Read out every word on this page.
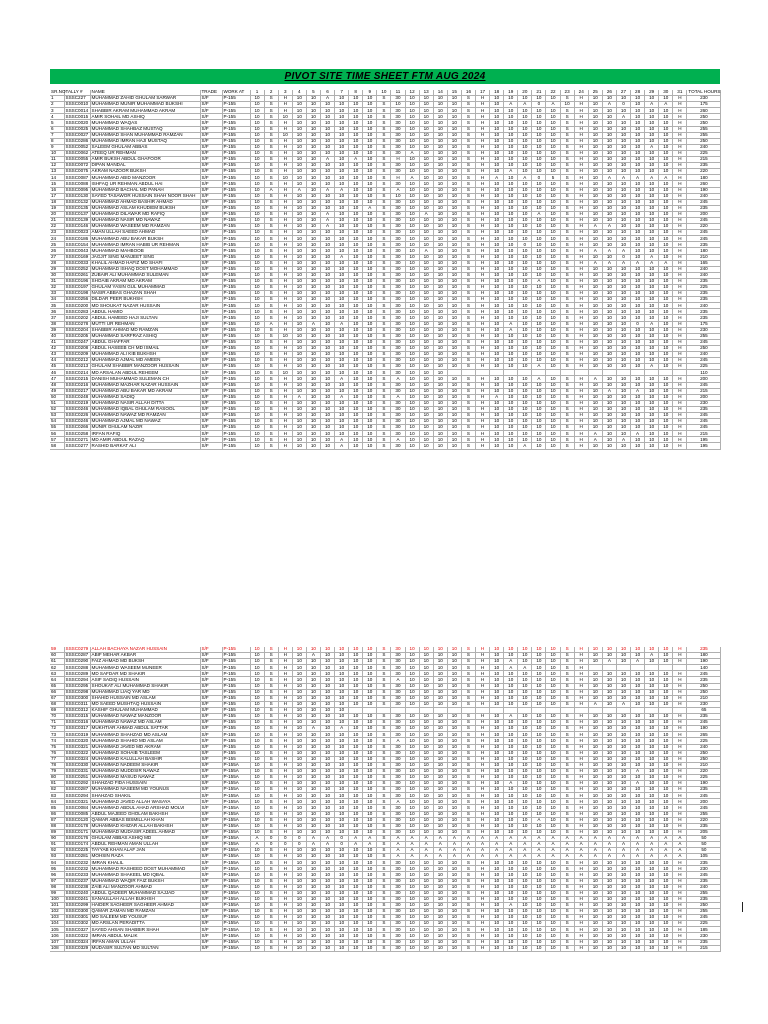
PIVOT SITE TIME SHEET FTM AUG 2024
SR.NO	TALLY #	NAME	TRADE	WORK AT	1	2	3	4	5	6	7	8	9	10	11	12	13	14	15	16	17	18	19	20	21	22	23	24	25	26	27	28	29	30	31	TOTAL HOURS
1	SSSC227	MUHAMMAD ZAHID GHULAM SARWAR	S/F	P-155	10	S	H	10	10	A	10	10	10	S	30	10	10	10	10	S	H	10	10	10	10	10	S	H	10	10	10	10	10	10	H	230
2	SSSC0010	MUHAMMAD MUNIR MUHAMMAD BUKSHI	S/F	P-155	10	S	H	10	10	10	10	10	10	S	10	10	10	10	10	S	H	10	A	A	0	A	10	H	10	A	0	10	A	A	H	175
3	SSSC0014	SHABBIR AKRAM MUHAMMAD AKRAM	S/F	P-155	10	S	H	10	10	10	10	10	10	S	30	10	10	10	10	S	H	10	10	10	10	10	S	H	10	10	10	10	10	10	H	260
4	SSSC0015	AMIR SOHAIL MD ASHIQ	S/F	P-155	10	S	10	10	10	10	10	10	10	S	30	10	10	10	10	S	H	10	10	10	10	10	S	H	10	10	A	10	10	10	H	250
5	SSSC0020	MUHAMMAD WAQAS	S/F	P-155	10	S	H	10	10	10	10	10	10	S	30	10	10	10	10	S	H	10	10	10	10	10	S	H	10	10	10	10	10	10	H	250
6	SSSC0025	MUHAMMAD SHAHBAZ MUSTAQ	S/F	P-155	10	S	H	10	10	10	10	10	10	S	30	10	10	10	10	S	H	10	10	10	10	10	S	H	10	10	10	10	10	10	H	255
7	SSSC0027	MUHAMMAD SHAN MUHAMMAD RAMZAN	S/F	P-155	10	S	10	10	10	10	10	10	10	S	30	10	10	10	10	S	H	10	10	10	10	10	S	H	10	10	10	10	10	10	H	255
8	SSSC0286	MUHAMMAD IMRAN HAJI MUSTAQ	S/F	P-155	10	S	H	10	10	10	10	10	10	S	30	10	10	10	10	S	H	10	10	10	10	10	S	H	10	10	10	10	10	10	H	250
9	SSSC0052	SALEEM GHULAM ABBAS	S/F	P-155	10	S	H	10	10	10	10	10	10	S	30	10	10	10	10	S	H	10	10	10	10	10	S	H	10	10	10	10	A	10	H	240
10	SSSC0062	ATEEQ UR REHMAN	S/F	P-155	10	S	H	10	10	10	10	10	10	S	30	A	10	10	10	S	H	10	10	10	10	10	S	H	10	10	10	10	10	10	H	225
11	SSSC0055	AMIR BUKSH ABDUL GHAFOOR	S/F	P-155	10	S	H	10	10	A	10	A	10	S	H	10	10	10	10	S	H	10	10	10	10	10	S	H	10	10	10	10	10	10	H	215
12	SSSC0072	DIPAN MANDAL	S/F	P-155	10	S	H	10	10	10	10	10	10	S	30	10	10	10	10	S	H	10	10	10	10	10	S	H	10	10	10	10	10	10	H	235
13	SSSC0075	AKRAM NAZOOR BUKSH	S/F	P-155	10	S	H	10	10	10	10	10	10	S	30	10	10	10	10	S	H	10	A	10	10	10	S	H	10	10	10	10	10	10	H	220
14	SSSC0087	MUHAMMAD ABID MANZOOR	S/F	P-155	10	S	10	10	10	10	10	10	10	S	H	A	10	10	10	S	H	A	10	A	0	5	S	H	10	A	A	A	A	A	H	180
15	SSSC0088	ISHFAQ UR REHMAN ABDUL HAI	S/F	P-155	10	S	H	10	10	10	10	10	10	S	30	10	10	10	10	S	H	10	10	10	10	10	S	H	10	10	10	10	10	10	H	260
16	SSSC0095	MUHAMMAD BACHAL MD PANAH	S/F	P-155	10	A	H	A	10	A	A	10	10	S	A	10	10	10	10	S	H	10	10	10	10	10	S	H	10	10	10	10	10	10	H	190
17	SSSC0130	SAYED TASAWOR HUSSAIN SHAH NOOR SHAH	S/F	P-155	10	S	H	10	10	10	10	10	10	S	10	10	10	10	10	S	H	10	10	10	10	10	S	H	10	10	10	10	10	10	H	240
18	SSSC0132	MUHAMMAD AHMAD BASHIR AHMAD	S/F	P-155	10	S	H	10	10	10	10	10	10	S	30	10	10	10	10	S	H	10	10	10	10	10	S	H	10	10	10	10	10	10	H	245
19	SSSC0135	MUHAMMAD ASLAM KHUDIEM BUKSH	S/F	P-155	10	S	H	10	10	10	10	10	A	S	30	10	10	10	10	S	H	10	10	10	10	10	S	H	10	10	10	10	10	10	H	235
20	SSSC0137	MUHAMMAD DILAWAR MD RAFIQ	S/F	P-155	10	S	H	10	10	A	10	10	10	S	30	10	A	10	10	S	H	10	10	10	A	10	S	H	10	10	10	10	10	10	H	200
21	SSSC0139	MUHAMMAD NASIR MD NAWAZ	S/F	P-155	10	S	H	10	10	A	10	10	10	S	30	10	10	10	10	S	H	10	10	10	10	10	S	H	10	10	10	10	10	10	H	245
22	SSSC0146	MUHAMMAD WASEEM MD RAMZAN	S/F	P-155	10	S	H	10	10	A	10	10	10	S	30	10	10	10	10	S	H	10	10	10	10	10	S	H	A	A	10	10	10	10	H	220
23	SSSC0023	AMAN ULLAH SAEED AHMAD	S/F	P-155	10	S	H	10	10	10	10	10	10	S	30	10	10	10	10	S	H	10	10	10	10	10	S	H	10	10	10	10	10	10	H	245
24	SSSC0186	MUHAMMAD ABU BAKAR BUKSH	S/F	P-155	10	S	H	10	10	10	10	10	10	S	30	10	10	10	10	S	H	10	10	10	10	10	S	H	10	10	10	10	10	10	H	245
25	SSSC0154	MUHAMMAD IMRAN HABIB UR REHMAN	S/F	P-155	10	S	H	10	10	10	10	10	10	S	30	10	10	10	10	S	H	10	10	0	10	10	S	H	10	10	10	10	10	10	H	235
26	SSSC0043	MUHAMMAD MAHBOOB	S/F	P-155	10	S	H	10	10	10	10	10	10	S	30	10	A	10	10	S	H	10	10	10	10	10	S	H	A	A	A	10	10	10	H	180
27	SSSC0169	JAGJIT SING MANJEET SING	S/F	P-155	10	S	H	10	10	10	A	10	10	S	30	10	10	10	10	S	H	10	10	10	10	10	S	H	10	10	0	10	A	10	H	210
28	SSSC0033	KHALIL AHMAD HAFIZ MD SHAFI	S/F	P-155	10	S	H	10	10	10	10	10	10	S	30	10	10	10	10	S	H	10	10	10	10	10	S	H	A	A	A	A	A	A	H	165
29	SSSC0252	MUHAMMAD ISHAQ DOST MOHAMMAD	S/F	P-155	10	S	H	10	10	10	10	10	10	S	30	10	10	10	10	S	H	10	10	10	10	10	S	H	10	10	10	10	10	10	H	240
30	SSSC0261	ZUBAIR ALI MUHAMMAD SULEMAN	S/F	P-155	10	S	H	10	10	10	10	10	10	S	30	10	10	10	10	S	H	10	10	10	10	10	S	H	10	10	10	10	10	10	H	240
31	SSSC0196	SHOAIB AKRAM MD AKRAM	S/F	P-155	10	S	H	10	10	10	10	10	10	S	30	10	10	10	10	S	H	10	10	10	A	10	S	H	10	10	10	10	10	10	H	235
32	SSSC0197	GHULAM YASIN GUL MUHAMMAD	S/F	P-155	10	S	H	10	10	10	10	10	10	S	30	10	10	10	10	S	H	10	10	10	10	10	S	H	10	10	10	10	10	10	H	225
33	SSSC0198	NASIR ABBAS GHAZAN SHAH	S/F	P-155	10	S	H	10	10	10	10	10	10	S	30	10	10	10	10	S	H	10	10	10	10	10	S	H	10	10	10	10	10	10	H	235
34	SSSC0256	DILDAR PEER BUKHSH	S/F	P-155	10	S	H	10	10	10	10	10	10	S	30	10	10	10	10	S	H	10	10	10	10	10	S	H	10	10	10	10	10	10	H	235
35	SSSC0200	MD SHOUKAT NAZAR HUSSAIN	S/F	P-155	10	S	H	10	10	10	10	10	10	S	30	10	10	10	10	S	H	10	10	10	10	10	S	H	10	10	10	10	10	10	H	240
36	SSSC0283	ABDUL HAMID	S/F	P-155	10	S	H	10	10	10	10	10	10	S	30	10	10	10	10	S	H	10	10	10	10	10	S	H	10	10	10	10	10	10	H	235
37	SSSC0202	ABDUL HAMEED HAJI SULTAN	S/F	P-155	10	S	H	10	10	10	10	10	10	S	30	10	10	10	10	S	H	10	10	10	10	10	S	H	10	10	10	10	10	10	H	235
38	SSSC0278	MUTTI UR REHMAN	S/F	P-155	10	A	H	10	A	10	A	10	10	S	30	10	10	10	10	S	H	10	A	10	10	10	S	H	10	10	10	0	A	10	H	175
39	SSSC0204	SHABBIR AHMAD MD RAMZAN	S/F	P-155	10	S	H	10	10	10	10	10	10	S	30	10	10	10	10	S	H	10	A	10	10	10	S	H	10	10	10	10	10	10	H	230
40	SSSC0205	MUHAMMAD SARFRAZ ASHIQ	S/F	P-155	10	S	10	10	10	10	10	10	10	S	30	10	10	10	10	S	H	10	10	10	10	10	S	H	10	10	10	10	10	10	H	255
41	SSSC0247	ABDUL GHAFFAR	S/F	P-155	10	S	H	10	10	10	10	10	10	S	30	10	10	10	10	S	H	10	10	10	10	10	S	H	10	10	10	10	10	10	H	245
42	SSSC0208	ABDUL HASEEB CH MD ISMAIL	S/F	P-155	10	S	H	10	10	10	10	10	10	S	30	10	10	10	10	S	H	10	10	10	10	10	S	H	10	10	10	10	10	10	H	250
43	SSSC0209	MUHAMMAD ALI KIB BUKHSH	S/F	P-155	10	S	H	10	10	10	10	10	10	S	30	10	10	10	10	S	H	10	10	10	10	10	S	H	10	10	10	10	10	10	H	240
44	SSSC0212	MUHAMMAD AJMAL MD AMEEN	S/F	P-155	10	S	H	10	10	10	10	10	10	S	30	10	10	10	10	S	H	10	10	10	10	10	S	H	10	10	10	10	10	10	H	245
45	SSSC0213	GHULAM SHABBIR MANZOOR HUSSAIN	S/F	P-155	10	S	H	10	10	10	10	10	10	S	30	10	10	10	10	S	H	10	10	10	A	10	S	H	10	10	10	10	A	10	H	225
46	SSSC0214	MD ARSALAN ABDUL REHEEM	S/F	P-155	10	S	10	10	10	10	10	10	10	S	30	10	10	10																		110
47	SSSC0215	DANISH MUHAMMAD SULEMAN CH	S/F	P-155	10	S	H	10	10	10	A	10	10	S	A	10	10	10	10	S	H	10	10	10	A	10	S	H	A	10	10	10	10	10	H	200
48	SSSC0216	MUHAMMAD MAZHAR NAZAR HUSSAIN	S/F	P-155	10	S	H	10	10	10	10	10	10	S	30	10	10	10	10	S	H	10	10	10	10	10	S	H	10	10	10	10	10	10	H	245
49	SSSC0217	MUHAMMAD ABU BAKAR MD AKRAM	S/F	P-155	10	S	H	10	10	10	10	10	10	S	30	10	10	10	10	S	H	10	10	10	10	10	S	H	10	A	10	A	10	10	H	215
50	SSSC0248	MUHAMMAD SADIQ	S/F	P-155	10	S	H	A	10	10	A	10	10	S	A	10	10	10	10	S	H	A	10	10	10	10	S	H	10	10	10	10	10	10	H	200
51	SSSC0219	MUHAMMAD NASIR ALLAH DITTA	S/F	P-155	10	S	H	10	10	10	10	10	10	S	30	10	10	10	10	S	H	10	10	10	10	10	S	H	10	10	10	10	10	10	H	230
52	SSSC0246	MUHAMMAD IQBAL GHULAM RASOOL	S/F	P-155	10	S	H	10	10	10	10	10	10	S	30	10	10	10	10	S	H	10	10	10	10	10	S	H	10	10	10	10	10	10	H	235
53	SSSC0226	MUHAMMAD NAWAZ MD RAMZAN	S/F	P-155	10	S	H	10	10	10	10	10	10	S	30	10	10	10	10	S	H	10	10	10	10	10	S	H	10	10	10	10	10	10	H	245
54	SSSC0246	MUHAMMAD AJMAL MD NAWAZ	S/F	P-155	10	S	H	10	10	10	10	10	10	S	30	10	10	10	10	S	H	10	10	10	10	10	S	H	10	10	10	10	10	10	H	245
55	SSSC0266	MUNIR GHULAM NAZIR	S/F	P-155	10	S	H	10	10	10	10	10	10	S	30	10	10	10	10	S	H	10	10	10	10	10	S	H	10	10	10	10	10	10	H	245
56	SSSC0258	IRFAN RAFIQ	S/F	P-155	10	S	H	10	10	10	10	10	10	S	30	10	10	10	10	S	H	10	10	10	10	10	S	H	A	10	10	A	10	10	H	215
57	SSSC0271	MD AMIR ABDUL RAZAQ	S/F	P-155	10	S	H	10	10	10	A	10	10	S	A	10	10	10	10	S	H	10	10	10	10	10	S	H	A	10	A	10	10	10	H	195
58	SSSC0277	RASHID BARKAT ALI	S/F	P-155	10	S	H	10	10	10	A	10	10	S	30	10	10	10	10	S	H	10	10	A	10	10	S	H	10	10	10	10	10	10	H	195
59	SSSC0279	ALLAH BACHAYA NAZAR HUSSAIN	S/F	P-155	10	S	H	10	10	10	10	10	10	S	30	10	10	10	10	S	H	10	10	10	10	10	S	H	10	10	10	10	10	10	H	235
60	SSSC0287	ABIF MEHAR AKBAR	S/F	P-155	10	S	H	10	A	10	10	10	10	S	30	10	10	10	10	S	H	10	10	10	10	10	S	H	10	10	10	10	A	10	H	180
61	SSSC0290	FAIZ AHMAD MD BUKSH	S/F	P-155	10	S	H	10	10	10	10	10	10	S	30	10	10	10	10	S	H	10	A	10	10	10	S	H	10	A	10	A	10	10	H	190
62	SSSC0288	MUHAMMAD WASEEM MUNEER	S/F	P-155	10	S	H	10	10	10	10	10	10	S	30	10	10	10	10	S	H	10	A	A	10	10	S	H								140
63	SSSC0289	MD SAFDAR MD SHAKIR	S/F	P-155	10	S	H	10	10	10	10	10	10	S	30	10	10	10	10	S	H	10	10	10	10	10	S	H	10	10	10	10	10	10	H	245
64	SSSC0294	ASIF SADIQ HUSSAIN	S/F	P-155	10	S	H	10	10	10	10	10	10	S	A	10	10	10	10	S	H	10	10	10	10	10	S	H	10	10	10	10	10	10	H	235
65	SSSC0295	SHOUKAT ALI MUHAMMAD SHAKIR	S/F	P-155	10	S	H	10	10	10	10	10	10	S	30	10	10	10	10	S	H	10	10	10	10	10	S	H	10	10	10	10	10	10	H	250
66	SSSC0298	MUHAMMAD LIAQ YAR MD	S/F	P-155	10	S	H	10	10	10	10	10	10	S	30	10	10	10	10	S	H	10	10	10	10	10	S	H	10	10	10	10	10	10	H	250
67	SSSC0300	SHAHID HUSSAIN MD ASLAM	S/F	P-155	10	S	H	10	10	10	10	10	10	S	30	10	10	10	10	S	H	10	10	10	10	10	S	H	10	10	10	10	10	10	H	210
68	SSSC0311	MD SAEED MUSHTAQ HUSSAIN	S/F	P-155	10	S	H	10	10	10	10	10	10	S	30	10	10	10	10	S	H	10	10	10	10	10	S	H	A	10	A	10	10	10	H	230
69	SSSC0312	KASHIF GHULAM MUHAMMAD	S/F	P-155	10	S	H	10	10	10	10																									65
70	SSSC0315	MUHAMMAD NAWAZ MANZOOR	S/F	P-155	10	S	H	10	10	10	10	10	10	S	30	10	10	10	10	S	H	10	A	10	10	10	S	H	10	10	10	10	10	10	H	235
71	SSSC0316	MUHAMMAD NAWAZ MD ASLAM	S/F	P-155	10	S	H	10	10	10	10	10	10	S	30	10	10	10	10	S	H	10	10	10	10	10	S	H	10	10	10	10	10	10	H	245
72	SSSC0317	MUKHTIAR AHMAD ABDUL SATTAR	S/F	P-155	10	S	H	10	A	10	A	10	10	S	30	10	10	10	10	S	H	10	10	10	10	10	S	H	10	10	10	10	10	10	H	190
73	SSSC0319	MUHAMMAD SHAHZAD MD ASLAM	S/F	P-155	10	S	H	10	10	10	10	10	10	S	30	10	10	10	10	S	H	10	10	10	10	10	S	H	10	10	10	10	10	10	H	265
74	SSSC0320	MUHAMMAD SHAHID MD ASLAM	S/F	P-155	10	S	H	10	10	10	10	10	10	S	A	10	10	10	10	S	H	10	10	10	10	10	S	H	10	10	10	10	10	10	H	225
75	SSSC0321	MUHAMMAD JAVED MD AKRAM	S/F	P-155	10	S	H	10	10	10	10	10	10	S	30	10	10	10	10	S	H	10	10	10	10	10	S	H	10	10	10	10	10	10	H	240
76	SSSC0322	MUHAMMAD SOHAIB TASLEEM	S/F	P-155	10	S	H	10	10	10	10	10	10	S	30	10	10	10	10	S	H	10	10	10	10	10	S	H	10	10	10	10	10	10	H	250
77	SSSC0324	MUHAMMAD KALULLAH BASHIR	S/F	P-155	10	S	H	10	10	10	10	10	10	S	30	10	10	10	10	S	H	10	10	10	10	10	S	H	10	10	10	10	10	10	H	250
78	SSSC0330	MUHAMMAD NADEEM SHAKIR	S/F	P-155A	10	S	H	10	10	10	10	10	10	S	30	10	10	10	10	S	H	10	10	10	10	10	S	H	10	10	10	10	10	10	H	210
79	SSSC0331	MUHAMMAD MUDDSIR NAWAZ	S/F	P-155A	10	S	H	10	10	10	10	10	10	S	30	10	10	10	10	S	H	10	10	10	10	10	S	H	10	10	10	A	10	10	H	220
80	SSSC0251	MUHAMMAD MASUD NAWAZ	S/F	P-155A	10	S	H	10	10	10	10	10	10	S	30	10	10	10	10	S	H	10	10	10	10	10	S	H	10	10	10	10	10	10	H	225
81	SSSC0292	SHAHZAD FIDA HUSSAIN	S/F	P-155A	10	S	H	10	10	10	10	10	10	S	30	10	10	10	10	S	H	10	A	10	10	10	S	H	10	10	10	A	10	10	H	190
82	SSSC0287	MUHAMMAD NASEEM MD YOUNUS	S/F	P-155A	10	S	H	10	10	10	10	10	10	S	30	10	10	10	10	S	H	10	10	10	10	10	S	H	10	10	10	10	10	10	H	235
83	SSSC0294	SHAHZAD SHAKIL	S/F	P-155A	10	S	H	10	10	10	10	10	10	S	30	10	10	10	10	S	H	10	10	10	10	10	S	H	10	10	10	10	10	10	H	245
84	SSSC0321	MUHAMMAD JAVED ALLAH WASAYA	S/F	P-155A	10	S	H	10	10	10	10	10	10	S	A	10	10	10	10	S	H	10	10	10	10	10	S	H	10	10	10	10	10	10	H	200
85	SSSC0084	MUHAMMAD ABDUL AHAD ARSHAD MOLVI	S/F	P-155A	10	S	H	10	10	10	10	10	10	S	30	10	10	10	10	S	H	10	10	10	10	10	S	H	10	10	10	10	10	10	H	245
86	SSSC0085	ABDUL MAJEED GHOLAM BAKHSH	S/F	P-155A	10	S	H	10	10	10	10	10	10	S	30	10	10	10	10	S	H	10	10	10	10	10	S	H	10	10	10	10	10	10	H	255
87	SSSC0120	QAMAR ABBAS BISMILLAH KHAN	S/F	P-155A	10	S	H	10	10	10	10	10	10	S	30	10	10	10	10	S	H	10	10	10	A	10	S	H	10	10	10	10	10	10	H	220
88	SSSC0178	MUHAMMAD KHIZAR ALLAH BAKHSH	S/F	P-155A	10	S	H	10	10	10	10	10	10	S	30	10	10	10	10	S	H	10	10	10	10	10	S	H	10	10	10	10	10	10	H	235
89	SSSC0171	MUHAMMAD MUDASIR ADEEL AHMAD	S/F	P-155A	10	S	H	10	10	10	10	10	10	S	30	10	10	10	10	S	H	10	10	10	10	10	S	H	10	10	10	10	10	10	H	205
90	SSSC0176	GHULAM ABBAS ASHIQ MD	S/F	P-155A	A	0	0	0	A	A	0	A	A	S	A	A	A	A	A	A	A	A	A	A	A	A	A	A	A	A	A	A	A	A	A	50
91	SSSC0174	ABDUL REHMAN AMAN ULLAH	S/F	P-155A	A	0	0	0	A	A	0	A	A	S	A	A	A	A	A	A	A	A	A	A	A	A	A	A	A	A	A	A	A	A	A	50
92	SSSC0225	TAYYAB KHAN ALAF JAN	S/F	P-155A	10	S	H	10	10	10	10	10	10	S	A	A	A	A	A	A	A	A	A	A	A	A	A	A	A	A	A	A	A	A	A	50
93	SSSC0281	MOHSIN RAZA	S/F	P-155A	10	S	H	10	10	10	10	10	10	S	A	A	A	A	A	A	A	A	A	A	A	A	A	A	A	A	A	A	A	A	A	105
94	SSSC0232	IMRAN KHALIL	S/F	P-155A	10	S	H	10	10	10	10	10	10	S	30	10	10	10	10	S	H	10	10	10	10	10	S	H	10	10	10	10	10	10	H	235
95	SSSC0232	MUHAMMAD RASHEED DOST MUHAMMAD	S/F	P-155A	10	S	H	10	10	10	10	10	10	S	30	10	10	10	10	S	H	10	10	10	10	10	S	H	10	10	10	10	10	10	H	230
96	SSSC0233	MUHAMMAD SHAKEEL MD IQBAL	S/F	P-155A	10	S	H	10	10	10	10	10	10	S	30	10	10	10	10	S	H	10	10	10	10	10	S	H	10	10	10	10	10	10	H	245
97	SSSC0237	MUHAMMAD WAQIR FAIZ BUKSH	S/F	P-155A	10	S	H	10	10	10	10	10	10	S	30	10	10	10	10	S	H	10	10	10	10	10	S	H	10	10	10	10	10	10	H	235
98	SSSC0238	ZAIB ALI MANZOOR AHMAD	S/F	P-155A	10	S	H	10	10	10	10	10	10	S	30	10	10	10	10	S	H	10	10	10	10	10	S	H	10	10	10	10	10	10	H	240
99	SSSC0240	ABDUL QADEER MUHAMMAD SAJJAD	S/F	P-155A	10	S	H	10	10	10	10	10	10	S	30	10	10	10	10	S	H	10	10	10	10	10	S	H	10	10	10	10	10	10	H	255
100	SSSC0241	SANAULLAH ALLAH BUKHSH	S/F	P-155A	10	S	H	10	10	10	10	10	10	S	30	10	10	10	10	S	H	10	10	10	10	10	S	H	10	10	10	10	10	10	H	235
101	SSSC0299	HAIDER SAGHEER SAGHEER AHMAD	S/F	P-155A	10	S	H	10	10	10	10	10	10	S	30	10	10	10	10	S	H	10	A	10	10	10	S	H	10	10	10	10	10	10	H	250
102	SSSC0300	QAMAR ZAMAN MD RAMZAN	S/F	P-155A	10	S	H	10	10	10	10	10	10	S	30	10	10	10	10	S	H	10	10	10	10	10	S	H	10	10	10	10	10	10	H	255
103	SSSC0301	MD SALEEM MD YOUSUF	S/F	P-155A	10	S	H	10	10	10	10	10	10	S	30	10	10	10	10	S	H	10	10	10	10	10	S	H	10	10	10	10	10	10	H	245
104	SSSC0302	MD ARSLAN PERADITTA	S/F	P-155A	10	S	H	10	10	10	10	10	10	S	30	10	10	10	10	S	H	10	10	10	10	10	S	H	10	10	10	10	10	10	H	225
105	SSSC0327	SAYED AHSAN SHABBIR SHAH	S/F	P-155A	10	S	H	10	10	10	10	10	10	S	30	10	10	10	10	S	H	10	10	10	10	10	S	H	10	10	10	10	10	10	H	185
106	SSSC0322	IMRAN ABDUL MALIK	S/F	P-155A	10	S	H	10	10	10	10	10	10	S	30	10	10	10	10	S	H	10	10	10	10	10	S	H	10	10	10	10	10	10	H	230
107	SSSC0324	IRFAN AMAN ULLAH	S/F	P-155A	10	S	H	10	10	10	10	10	10	S	30	10	10	10	10	S	H	10	10	10	10	10	S	H	10	10	10	10	10	10	H	235
108	SSSC0329	MUDASIR SULTAN MD SULTAN	S/F	P-155A	10	S	H	10	10	10	10	10	10	S	30	10	10	10	10	S	H	10	10	10	10	10	S	H	10	10	10	10	10	10	H	215
